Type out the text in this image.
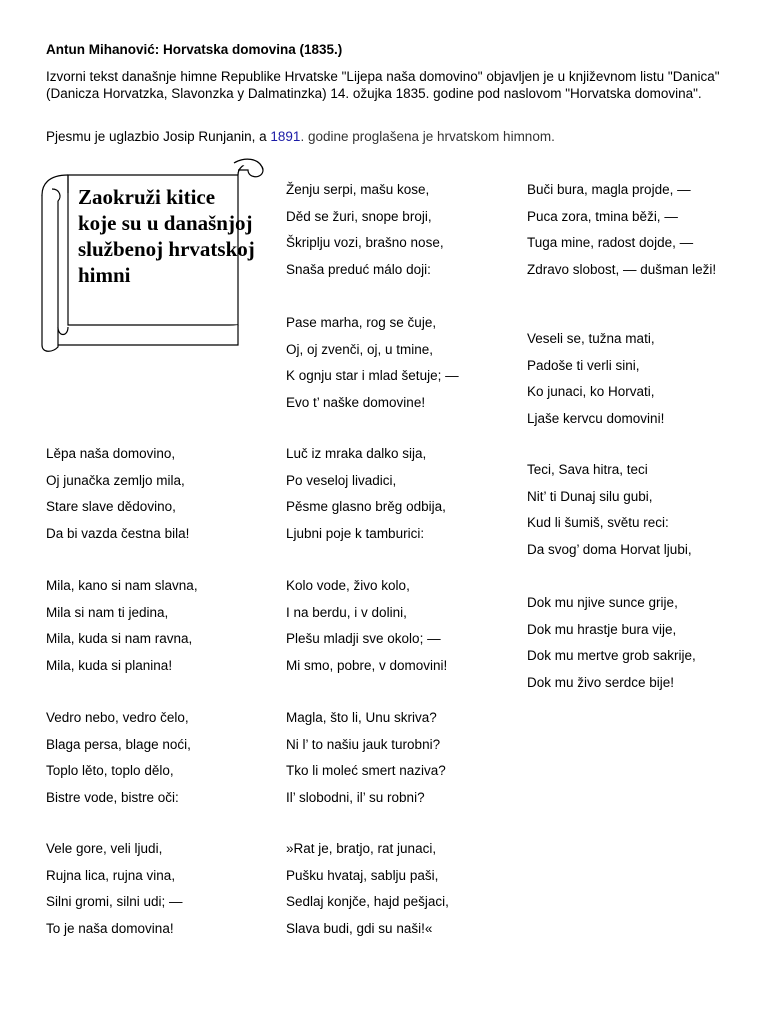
Antun Mihanović: Horvatska domovina (1835.)
Izvorni tekst današnje himne Republike Hrvatske "Lijepa naša domovino" objavljen je u književnom listu "Danica" (Danicza Horvatzka, Slavonzka y Dalmatinzka) 14. ožujka 1835. godine pod naslovom "Horvatska domovina".
Pjesmu je uglazbio Josip Runjanin, a 1891. godine proglašena je hrvatskom himnom.
Zaokruži kitice koje su u današnjoj službenoj hrvatskoj himni
Lěpa naša domovino,
Oj junačka zemljo mila,
Stare slave dědovino,
Da bi vazda čestna bila!
Mila, kano si nam slavna,
Mila si nam ti jedina,
Mila, kuda si nam ravna,
Mila, kuda si planina!
Vedro nebo, vedro čelo,
Blaga persa, blage noći,
Toplo lěto, toplo dělo,
Bistre vode, bistre oči:
Vele gore, veli ljudi,
Rujna lica, rujna vina,
Silni gromi, silni udi; —
To je naša domovina!
Ženju serpi, mašu kose,
Děd se žuri, snope broji,
Škriplju vozi, brašno nose,
Snaša preduć málo doji:
Pase marha, rog se čuje,
Oj, oj zvenči, oj, u tmine,
K ognju star i mlad šetuje; —
Evo t’ naške domovine!
Luč iz mraka dalko sija,
Po veseloj livadici,
Pěsme glasno brěg odbija,
Ljubni poje k tamburici:
Kolo vode, živo kolo,
I na berdu, i v dolini,
Plešu mladji sve okolo; —
Mi smo, pobre, v domovini!
Magla, što li, Unu skriva?
Ni l’ to našiu jauk turobni?
Tko li moleć smert naziva?
Il’ slobodni, il’ su robni?
»Rat je, bratjo, rat junaci,
Pušku hvataj, sablju paši,
Sedlaj konjče, hajd pešjaci,
Slava budi, gdi su naši!«
Buči bura, magla projde, —
Puca zora, tmina běži, —
Tuga mine, radost dojde, —
Zdravo slobost, — dušman leži!
Veseli se, tužna mati,
Padoše ti verli sini,
Ko junaci, ko Horvati,
Ljaše kervcu domovini!
Teci, Sava hitra, teci
Nit’ ti Dunaj silu gubi,
Kud li šumiš, světu reci:
Da svog’ doma Horvat ljubi,
Dok mu njive sunce grije,
Dok mu hrastje bura vije,
Dok mu mertve grob sakrije,
Dok mu živo serdce bije!
